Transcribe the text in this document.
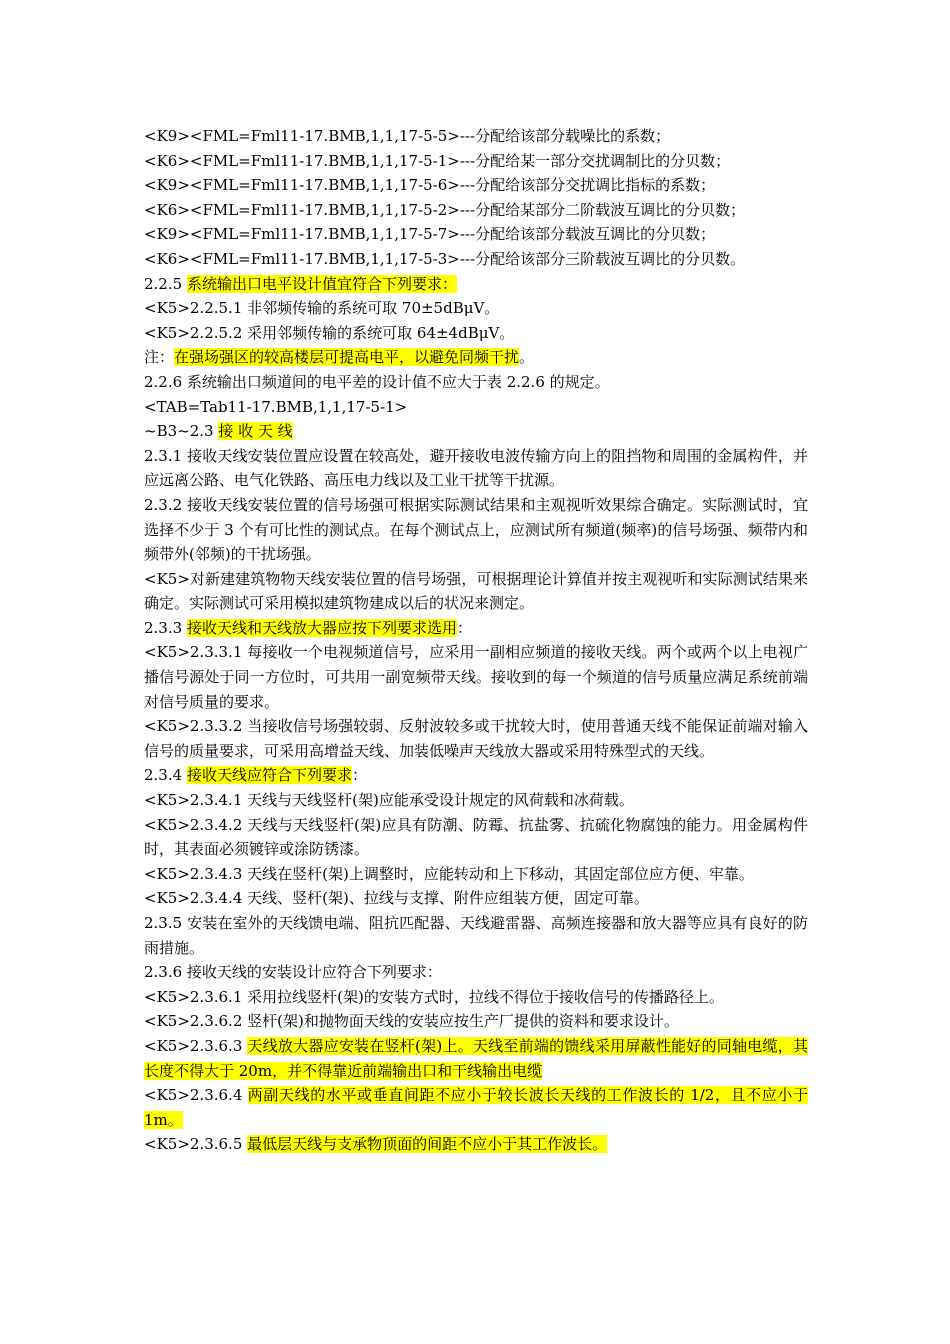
<K9><FML=Fml11-17.BMB,1,1,17-5-5>---分配给该部分载噪比的系数；

<K6><FML=Fml11-17.BMB,1,1,17-5-1>---分配给某一部分交扰调制比的分贝数；

<K9><FML=Fml11-17.BMB,1,1,17-5-6>---分配给该部分交扰调比指标的系数；

<K6><FML=Fml11-17.BMB,1,1,17-5-2>---分配给某部分二阶载波互调比的分贝数；

<K9><FML=Fml11-17.BMB,1,1,17-5-7>---分配给该部分载波互调比的分贝数；

<K6><FML=Fml11-17.BMB,1,1,17-5-3>---分配给该部分三阶载波互调比的分贝数。

2.2.5 系统输出口电平设计值宜符合下列要求：

<K5>2.2.5.1 非邻频传输的系统可取 70±5dBμV。

<K5>2.2.5.2 采用邻频传输的系统可取 64±4dBμV。

注：在强场强区的较高楼层可提高电平，以避免同频干扰。

2.2.6 系统输出口频道间的电平差的设计值不应大于表 2.2.6 的规定。

<TAB=Tab11-17.BMB,1,1,17-5-1>

~B3~2.3 接 收 天 线

2.3.1 接收天线安装位置应设置在较高处，避开接收电波传输方向上的阻挡物和周围的金属构件，并应远离公路、电气化铁路、高压电力线以及工业干扰等干扰源。

2.3.2 接收天线安装位置的信号场强可根据实际测试结果和主观视听效果综合确定。实际测试时，宜选择不少于 3 个有可比性的测试点。在每个测试点上，应测试所有频道(频率)的信号场强、频带内和频带外(邻频)的干扰场强。

<K5>对新建建筑物物天线安装位置的信号场强，可根据理论计算值并按主观视听和实际测试结果来确定。实际测试可采用模拟建筑物建成以后的状况来测定。

2.3.3 接收天线和天线放大器应按下列要求选用：

<K5>2.3.3.1 每接收一个电视频道信号，应采用一副相应频道的接收天线。两个或两个以上电视广播信号源处于同一方位时，可共用一副宽频带天线。接收到的每一个频道的信号质量应满足系统前端对信号质量的要求。

<K5>2.3.3.2 当接收信号场强较弱、反射波较多或干扰较大时，使用普通天线不能保证前端对输入信号的质量要求，可采用高增益天线、加装低噪声天线放大器或采用特殊型式的天线。

2.3.4 接收天线应符合下列要求：

<K5>2.3.4.1 天线与天线竖杆(架)应能承受设计规定的风荷载和冰荷载。

<K5>2.3.4.2 天线与天线竖杆(架)应具有防潮、防霉、抗盐雾、抗硫化物腐蚀的能力。用金属构件时，其表面必须镀锌或涂防锈漆。

<K5>2.3.4.3 天线在竖杆(架)上调整时，应能转动和上下移动，其固定部位应方便、牢靠。

<K5>2.3.4.4 天线、竖杆(架)、拉线与支撑、附件应组装方便，固定可靠。

2.3.5 安装在室外的天线馈电端、阻抗匹配器、天线避雷器、高频连接器和放大器等应具有良好的防雨措施。

2.3.6 接收天线的安装设计应符合下列要求：

<K5>2.3.6.1 采用拉线竖杆(架)的安装方式时，拉线不得位于接收信号的传播路径上。

<K5>2.3.6.2 竖杆(架)和抛物面天线的安装应按生产厂提供的资料和要求设计。

<K5>2.3.6.3 天线放大器应安装在竖杆(架)上。天线至前端的馈线采用屏蔽性能好的同轴电缆，其长度不得大于 20m，并不得靠近前端输出口和干线输出电缆

<K5>2.3.6.4 两副天线的水平或垂直间距不应小于较长波长天线的工作波长的 1/2，且不应小于 1m。

<K5>2.3.6.5 最低层天线与支承物顶面的间距不应小于其工作波长。
